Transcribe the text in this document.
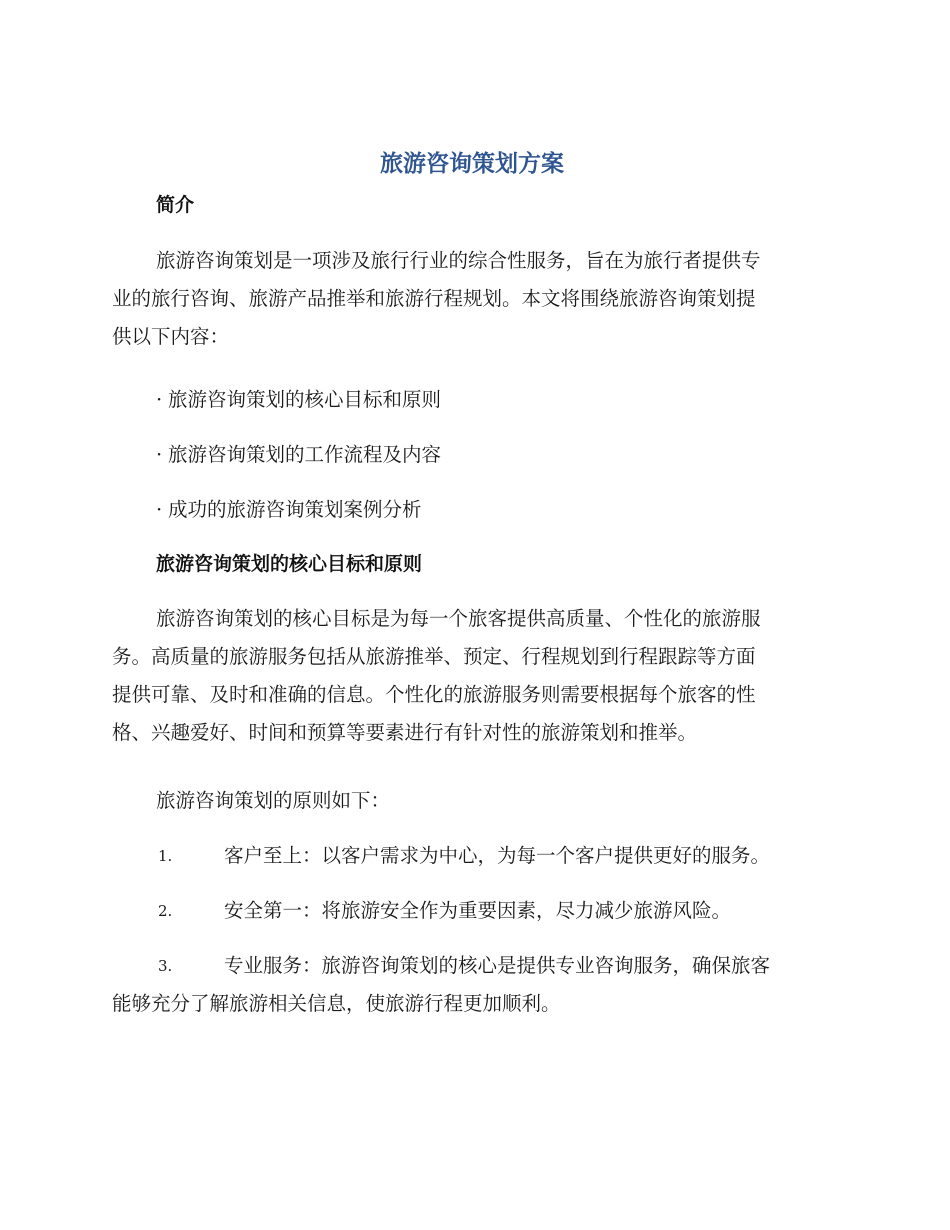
旅游咨询策划方案
简介

旅游咨询策划是一项涉及旅行行业的综合性服务，旨在为旅行者提供专
业的旅行咨询、旅游产品推举和旅游行程规划。本文将围绕旅游咨询策划提
供以下内容：

· 旅游咨询策划的核心目标和原则

· 旅游咨询策划的工作流程及内容

· 成功的旅游咨询策划案例分析

旅游咨询策划的核心目标和原则

旅游咨询策划的核心目标是为每一个旅客提供高质量、个性化的旅游服
务。高质量的旅游服务包括从旅游推举、预定、行程规划到行程跟踪等方面
提供可靠、及时和准确的信息。个性化的旅游服务则需要根据每个旅客的性
格、兴趣爱好、时间和预算等要素进行有针对性的旅游策划和推举。

旅游咨询策划的原则如下：

1.	客户至上：以客户需求为中心，为每一个客户提供更好的服务。
2.	安全第一：将旅游安全作为重要因素，尽力减少旅游风险。
3.	专业服务：旅游咨询策划的核心是提供专业咨询服务，确保旅客
能够充分了解旅游相关信息，使旅游行程更加顺利。
